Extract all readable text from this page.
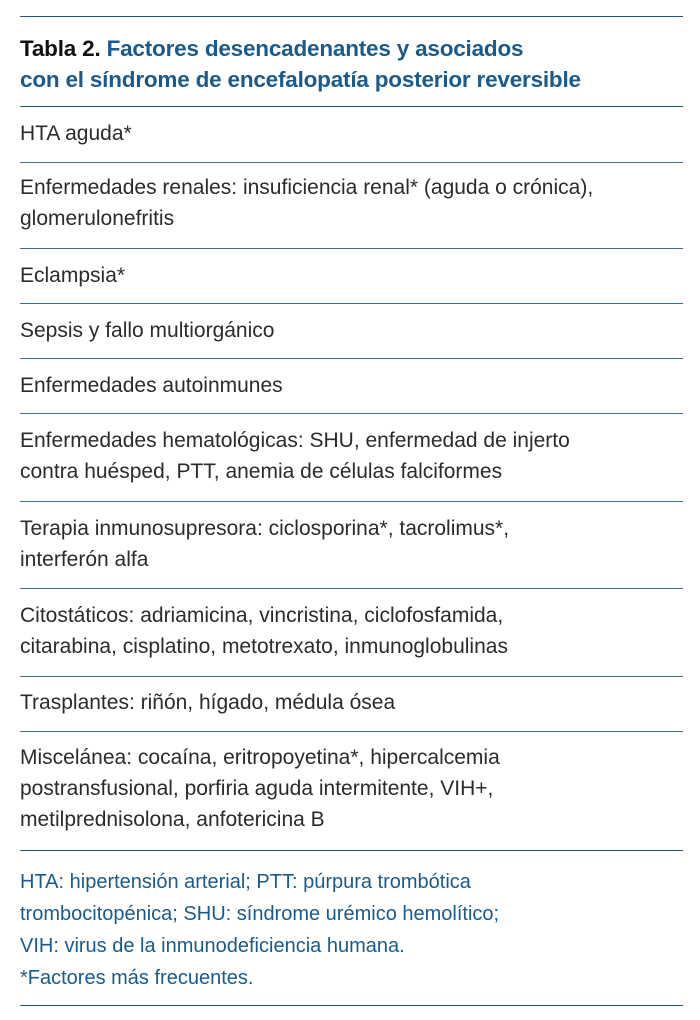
Tabla 2. Factores desencadenantes y asociados
con el síndrome de encefalopatía posterior reversible
HTA aguda*
Enfermedades renales: insuficiencia renal* (aguda o crónica),
glomerulonefritis
Eclampsia*
Sepsis y fallo multiorgánico
Enfermedades autoinmunes
Enfermedades hematológicas: SHU, enfermedad de injerto
contra huésped, PTT, anemia de células falciformes
Terapia inmunosupresora: ciclosporina*, tacrolimus*,
interferón alfa
Citostáticos: adriamicina, vincristina, ciclofosfamida,
citarabina, cisplatino, metotrexato, inmunoglobulinas
Trasplantes: riñón, hígado, médula ósea
Miscelánea: cocaína, eritropoyetina*, hipercalcemia
postransfusional, porfiria aguda intermitente, VIH+,
metilprednisolona, anfotericina B
HTA: hipertensión arterial; PTT: púrpura trombótica
trombocitopénica; SHU: síndrome urémico hemolítico;
VIH: virus de la inmunodeficiencia humana.
*Factores más frecuentes.
